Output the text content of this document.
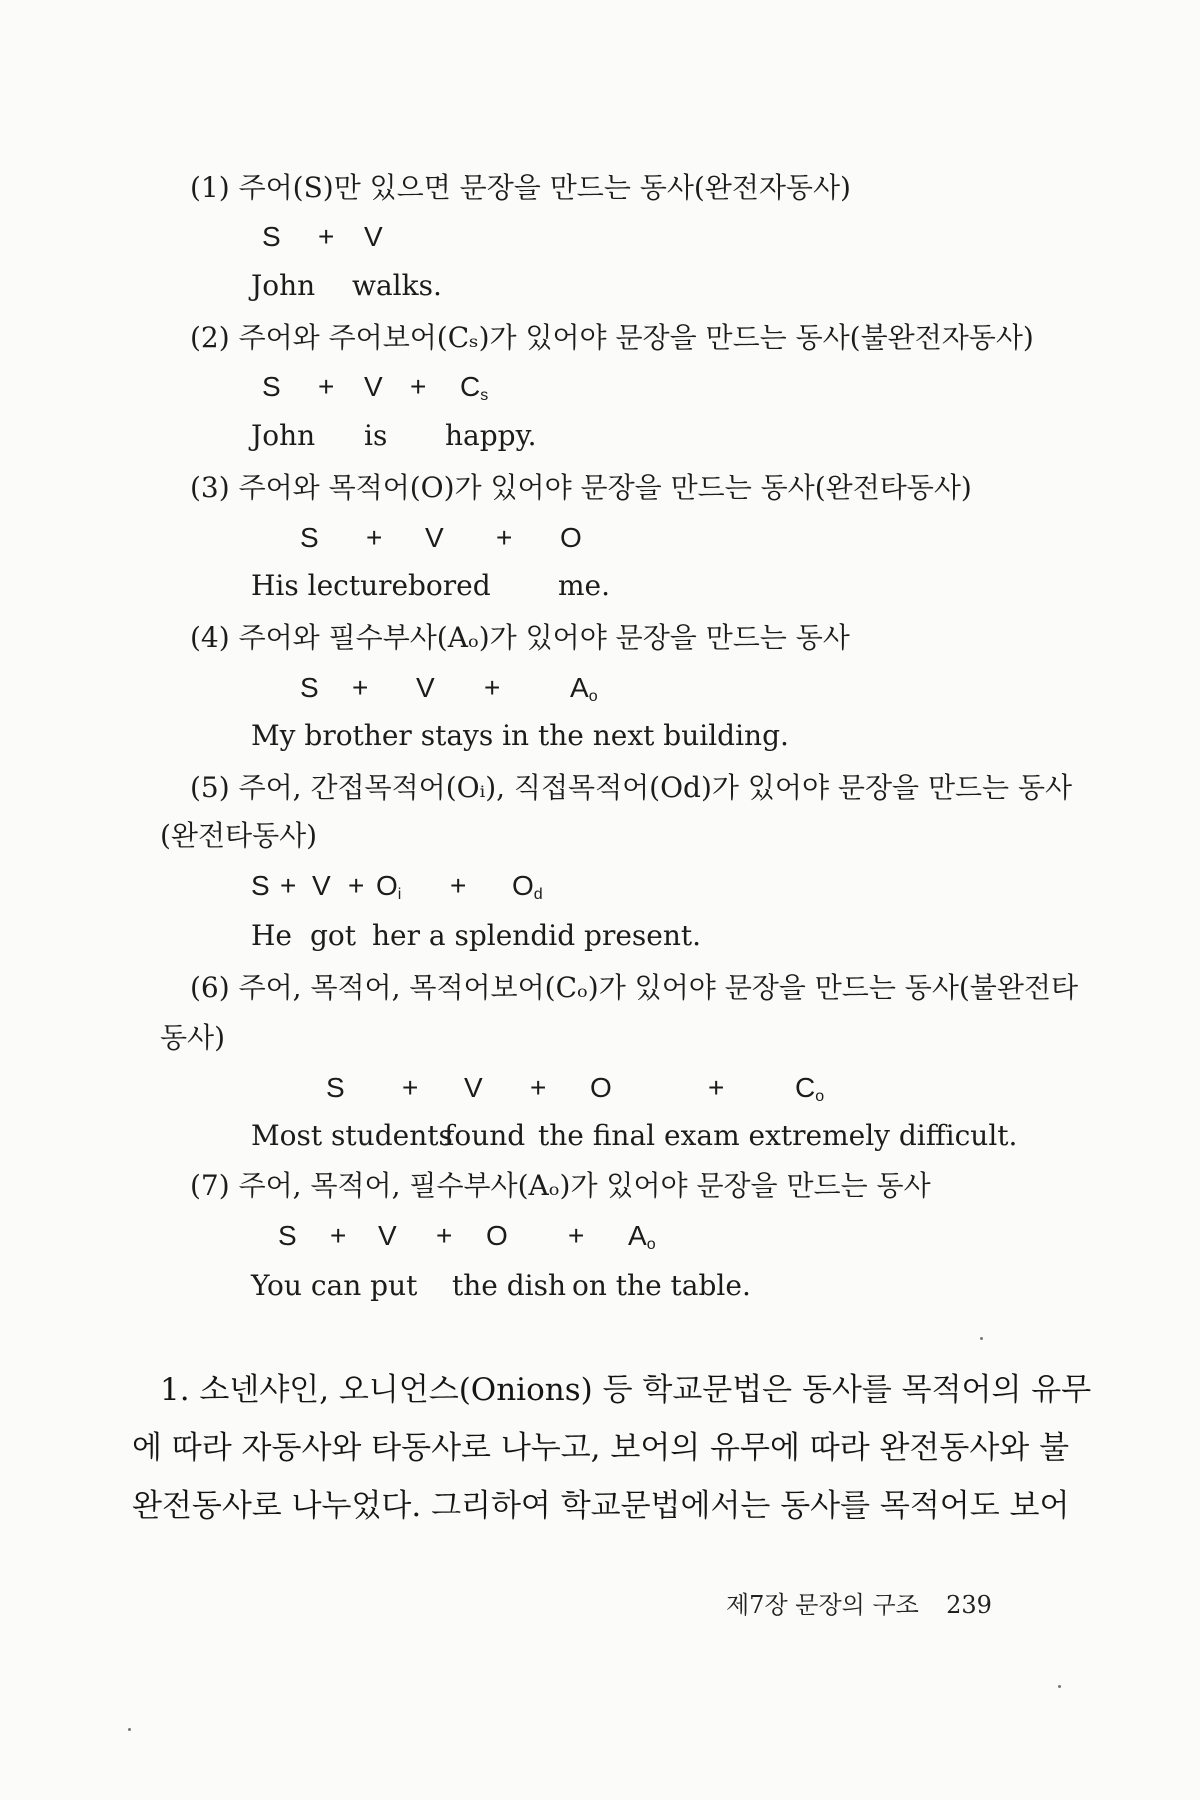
(1) 주어(S)만 있으면 문장을 만드는 동사(완전자동사)
S + V
John walks.
(2) 주어와 주어보어(Cₛ)가 있어야 문장을 만드는 동사(불완전자동사)
$S + V + C_s$
John is happy.
(3) 주어와 목적어(O)가 있어야 문장을 만드는 동사(완전타동사)
S + V + O
His lecture bored me.
(4) 주어와 필수부사(Aₒ)가 있어야 문장을 만드는 동사
$S + V + A_o$
My brother stays in the next building.
(5) 주어, 간접목적어(Oᵢ), 직접목적어(Od)가 있어야 문장을 만드는 동사
(완전타동사)
$S + V + O_i + O_d$
He got her a splendid present.
(6) 주어, 목적어, 목적어보어(Cₒ)가 있어야 문장을 만드는 동사(불완전타
동사)
S + V + O	+	$C_o$
Most students
found the final exam extremely difficult.
(7) 주어, 목적어, 필수부사(Aₒ)가 있어야 문장을 만드는 동사
$S + V + O + A_o$
You can put the dish on the table.
1. 소넨샤인, 오니언스(Onions) 등 학교문법은 동사를 목적어의 유무
에 따라 자동사와 타동사로 나누고, 보어의 유무에 따라 완전동사와 불
완전동사로 나누었다. 그리하여 학교문법에서는 동사를 목적어도 보어
제7장 문장의 구조 239
